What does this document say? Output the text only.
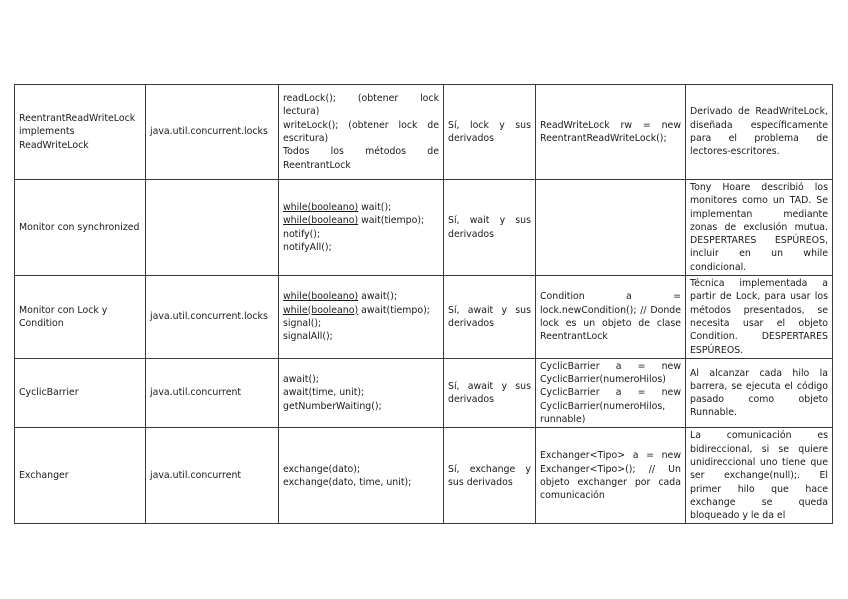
ReentrantReadWriteLock implements ReadWriteLock	java.util.concurrent.locks	readLock(); (obtener lock lectura)
writeLock(); (obtener lock de escritura)
Todos los métodos de ReentrantLock	Sí, lock y sus derivados	ReadWriteLock rw = new ReentrantReadWriteLock();	Derivado de ReadWriteLock, diseñada específicamente para el problema de lectores-escritores.
Monitor con synchronized		while(booleano) wait();
while(booleano) wait(tiempo);
notify();
notifyAll();	Sí, wait y sus derivados		Tony Hoare describió los monitores como un TAD. Se implementan mediante zonas de exclusión mutua. DESPERTARES ESPÚREOS, incluir en un while condicional.
Monitor con Lock y Condition	java.util.concurrent.locks	while(booleano) await();
while(booleano) await(tiempo);
signal();
signalAll();	Sí, await y sus derivados	Condition a = lock.newCondition(); // Donde lock es un objeto de clase ReentrantLock	Técnica implementada a partir de Lock, para usar los métodos presentados, se necesita usar el objeto Condition. DESPERTARES ESPÚREOS.
CyclicBarrier	java.util.concurrent	await();
await(time, unit);
getNumberWaiting();	Sí, await y sus derivados	CyclicBarrier a = new CyclicBarrier(numeroHilos) CyclicBarrier a = new CyclicBarrier(numeroHilos, runnable)	Al alcanzar cada hilo la barrera, se ejecuta el código pasado como objeto Runnable.
Exchanger	java.util.concurrent	exchange(dato);
exchange(dato, time, unit);	Sí, exchange y sus derivados	Exchanger<Tipo> a = new Exchanger<Tipo>(); // Un objeto exchanger por cada comunicación	La comunicación es bidireccional, si se quiere unidireccional uno tiene que ser exchange(null);. El primer hilo que hace exchange se queda bloqueado y le da el
